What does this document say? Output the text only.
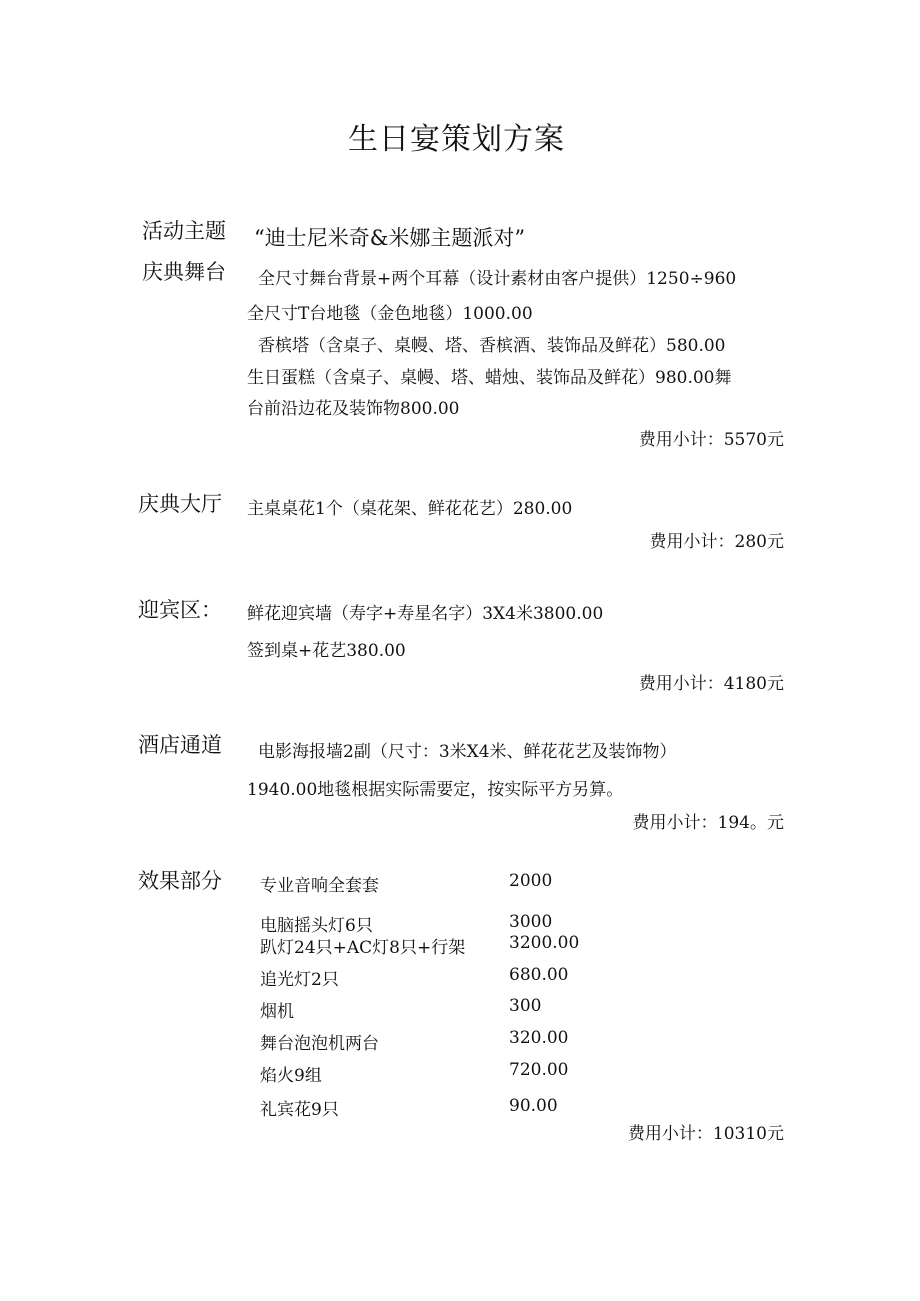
生日宴策划方案
活动主题 “迪士尼米奇&米娜主题派对”
庆典舞台 全尺寸舞台背景+两个耳幕（设计素材由客户提供）1250÷960
全尺寸T台地毯（金色地毯）1000.00
香槟塔（含桌子、桌幔、塔、香槟酒、装饰品及鲜花）580.00
生日蛋糕（含桌子、桌幔、塔、蜡烛、装饰品及鲜花）980.00舞
台前沿边花及装饰物800.00
费用小计：5570元
庆典大厅 主桌桌花1个（桌花架、鲜花花艺）280.00
费用小计：280元
迎宾区： 鲜花迎宾墙（寿字+寿星名字）3X4米3800.00
签到桌+花艺380.00
费用小计：4180元
酒店通道 电影海报墙2副（尺寸：3米X4米、鲜花花艺及装饰物）
1940.00地毯根据实际需要定，按实际平方另算。
费用小计：194。元
效果部分 专业音响全套套	2000
电脑摇头灯6只	3000
趴灯24只+AC灯8只+行架	3200.00
追光灯2只	680.00
烟机	300
舞台泡泡机两台	320.00
焰火9组	720.00
礼宾花9只	90.00
费用小计：10310元
